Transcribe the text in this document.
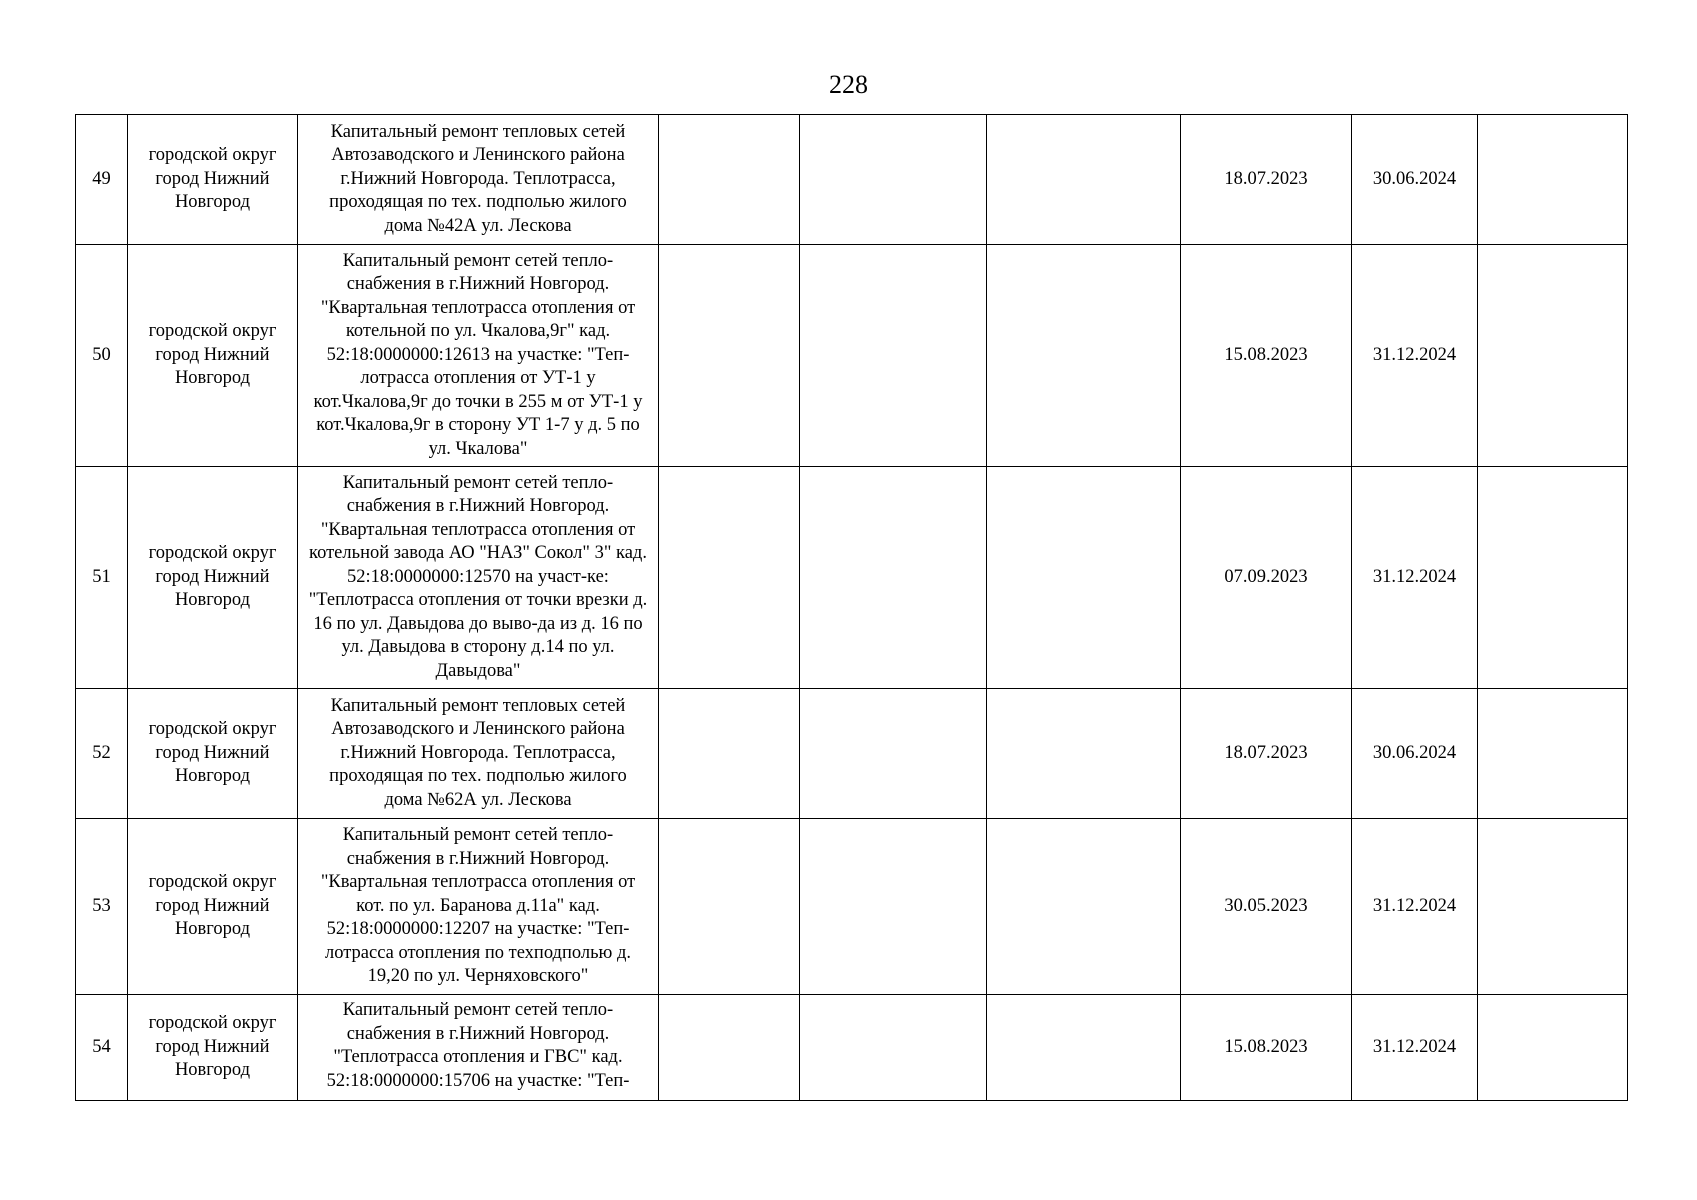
228
49	городской округ город Нижний Новгород	Капитальный ремонт тепловых сетей Автозаводского и Ленинского района г.Нижний Новгорода. Теплотрасса, проходящая по тех. подполью жилого дома №42А ул. Лескова				18.07.2023	30.06.2024	
50	городской округ город Нижний Новгород	Капитальный ремонт сетей тепло-снабжения в г.Нижний Новгород. "Квартальная теплотрасса отопления от котельной по ул. Чкалова,9г" кад. 52:18:0000000:12613 на участке: "Теп-лотрасса отопления от УТ-1 у кот.Чкалова,9г до точки в 255 м от УТ-1 у кот.Чкалова,9г в сторону УТ 1-7 у д. 5 по ул. Чкалова"				15.08.2023	31.12.2024	
51	городской округ город Нижний Новгород	Капитальный ремонт сетей тепло-снабжения в г.Нижний Новгород. "Квартальная теплотрасса отопления от котельной завода АО "НАЗ" Сокол" 3" кад. 52:18:0000000:12570 на участ-ке: "Теплотрасса отопления от точки врезки д. 16 по ул. Давыдова до выво-да из д. 16 по ул. Давыдова в сторону д.14 по ул. Давыдова"				07.09.2023	31.12.2024	
52	городской округ город Нижний Новгород	Капитальный ремонт тепловых сетей Автозаводского и Ленинского района г.Нижний Новгорода. Теплотрасса, проходящая по тех. подполью жилого дома №62А ул. Лескова				18.07.2023	30.06.2024	
53	городской округ город Нижний Новгород	Капитальный ремонт сетей тепло-снабжения в г.Нижний Новгород. "Квартальная теплотрасса отопления от кот. по ул. Баранова д.11а" кад. 52:18:0000000:12207 на участке: "Теп-лотрасса отопления по техподполью д. 19,20 по ул. Черняховского"				30.05.2023	31.12.2024	
54	городской округ город Нижний Новгород	Капитальный ремонт сетей тепло-снабжения в г.Нижний Новгород. "Теплотрасса отопления и ГВС" кад. 52:18:0000000:15706 на участке: "Теп-				15.08.2023	31.12.2024	
